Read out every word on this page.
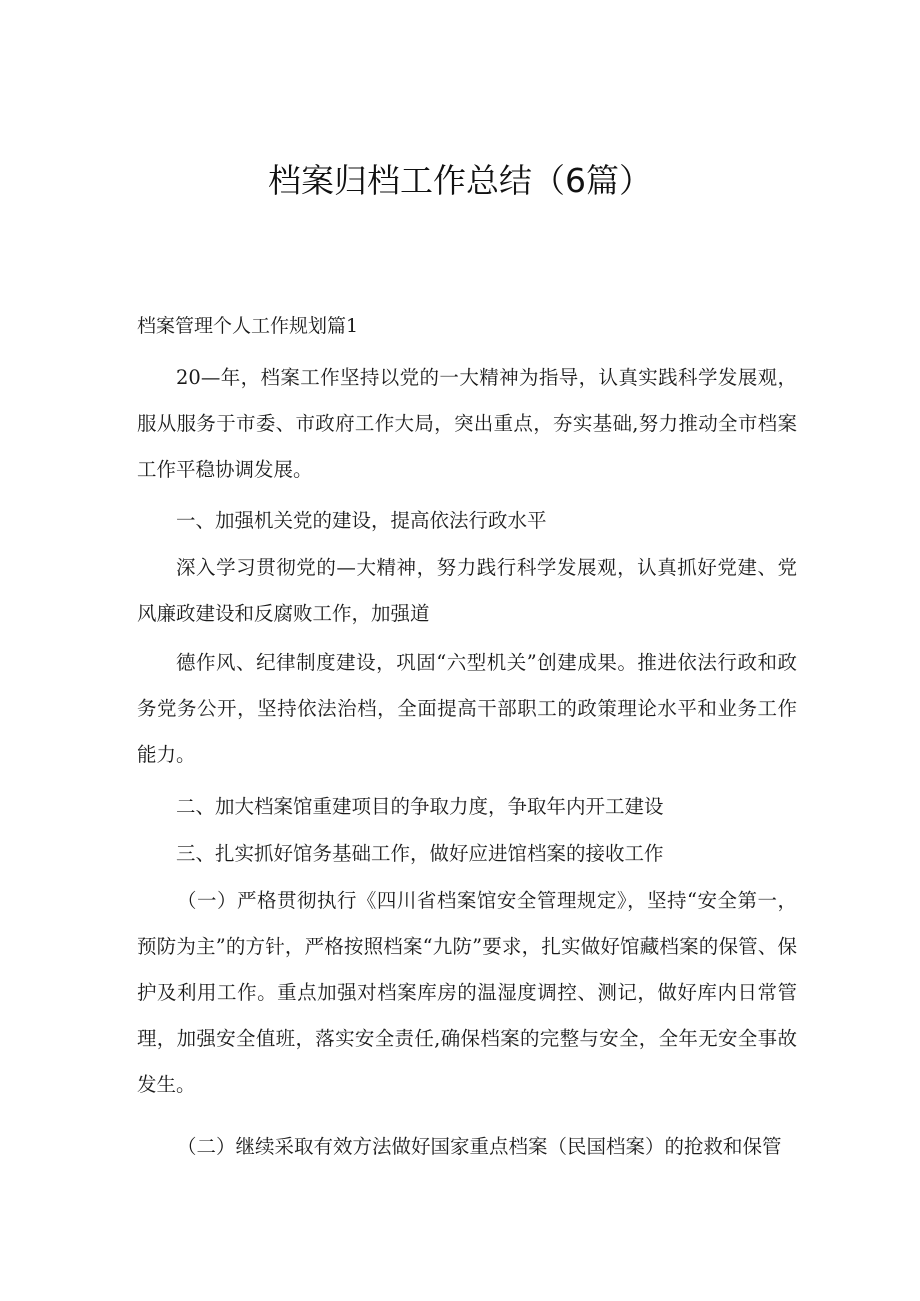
档案归档工作总结（6篇）
档案管理个人工作规划篇1

20—年，档案工作坚持以党的一大精神为指导，认真实践科学发展观，服从服务于市委、市政府工作大局，突出重点，夯实基础,努力推动全市档案工作平稳协调发展。

一、加强机关党的建设，提高依法行政水平

深入学习贯彻党的—大精神，努力践行科学发展观，认真抓好党建、党风廉政建设和反腐败工作，加强道

德作风、纪律制度建设，巩固“六型机关”创建成果。推进依法行政和政务党务公开，坚持依法治档，全面提高干部职工的政策理论水平和业务工作能力。

二、加大档案馆重建项目的争取力度，争取年内开工建设

三、扎实抓好馆务基础工作，做好应进馆档案的接收工作

（一）严格贯彻执行《四川省档案馆安全管理规定》，坚持“安全第一，预防为主”的方针，严格按照档案“九防”要求，扎实做好馆藏档案的保管、保护及利用工作。重点加强对档案库房的温湿度调控、测记，做好库内日常管理，加强安全值班，落实安全责任,确保档案的完整与安全，全年无安全事故发生。

（二）继续采取有效方法做好国家重点档案（民国档案）的抢救和保管
